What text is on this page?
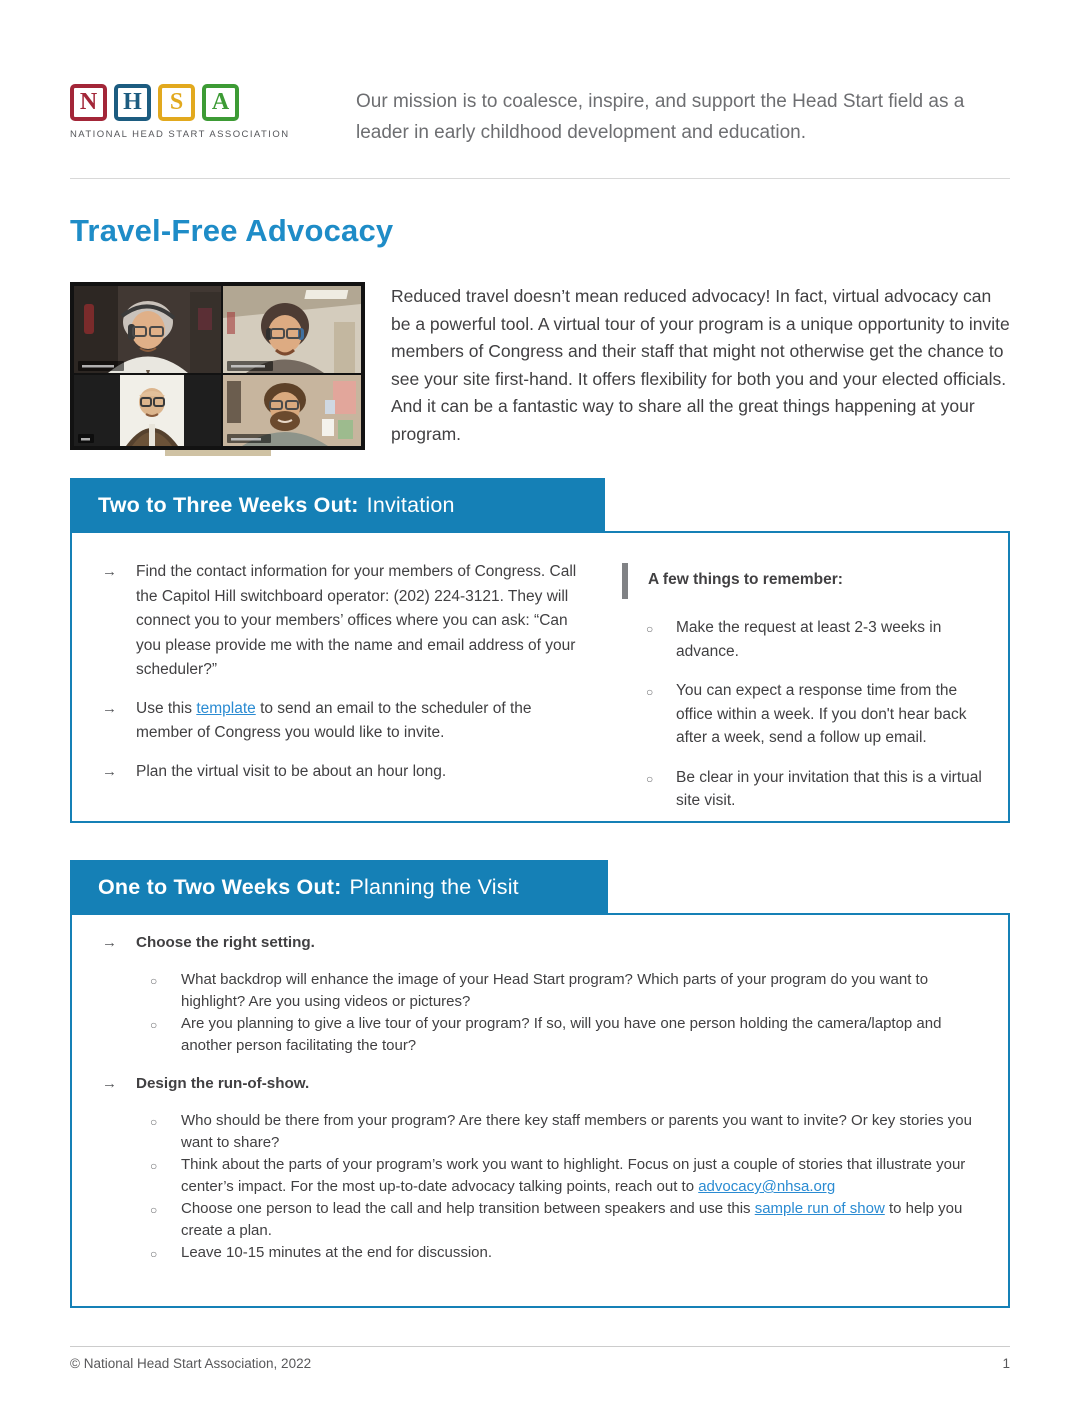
N	H	S	A
NATIONAL HEAD START ASSOCIATION
Our mission is to coalesce, inspire, and support the Head Start field as a leader in early childhood development and education.
Travel-Free Advocacy
Reduced travel doesn’t mean reduced advocacy! In fact, virtual advocacy can be a powerful tool. A virtual tour of your program is a unique opportunity to invite members of Congress and their staff that might not otherwise get the chance to see your site first-hand. It offers flexibility for both you and your elected officials. And it can be a fantastic way to share all the great things happening at your program.
Two to Three Weeks Out: Invitation
→	Find the contact information for your members of Congress. Call the Capitol Hill switchboard operator: (202) 224-3121. They will connect you to your members’ offices where you can ask: “Can you please provide me with the name and email address of your scheduler?”
→	Use this template to send an email to the scheduler of the member of Congress you would like to invite.
→	Plan the virtual visit to be about an hour long.
A few things to remember:
○	Make the request at least 2-3 weeks in advance.
○	You can expect a response time from the office within a week. If you don't hear back after a week, send a follow up email.
○	Be clear in your invitation that this is a virtual site visit.
One to Two Weeks Out: Planning the Visit
→	Choose the right setting.
○	What backdrop will enhance the image of your Head Start program? Which parts of your program do you want to highlight? Are you using videos or pictures?
○	Are you planning to give a live tour of your program? If so, will you have one person holding the camera/laptop and another person facilitating the tour?
→	Design the run-of-show.
○	Who should be there from your program? Are there key staff members or parents you want to invite? Or key stories you want to share?
○	Think about the parts of your program’s work you want to highlight. Focus on just a couple of stories that illustrate your center’s impact. For the most up-to-date advocacy talking points, reach out to advocacy@nhsa.org
○	Choose one person to lead the call and help transition between speakers and use this sample run of show to help you create a plan.
○	Leave 10-15 minutes at the end for discussion.
© National Head Start Association, 2022	1
